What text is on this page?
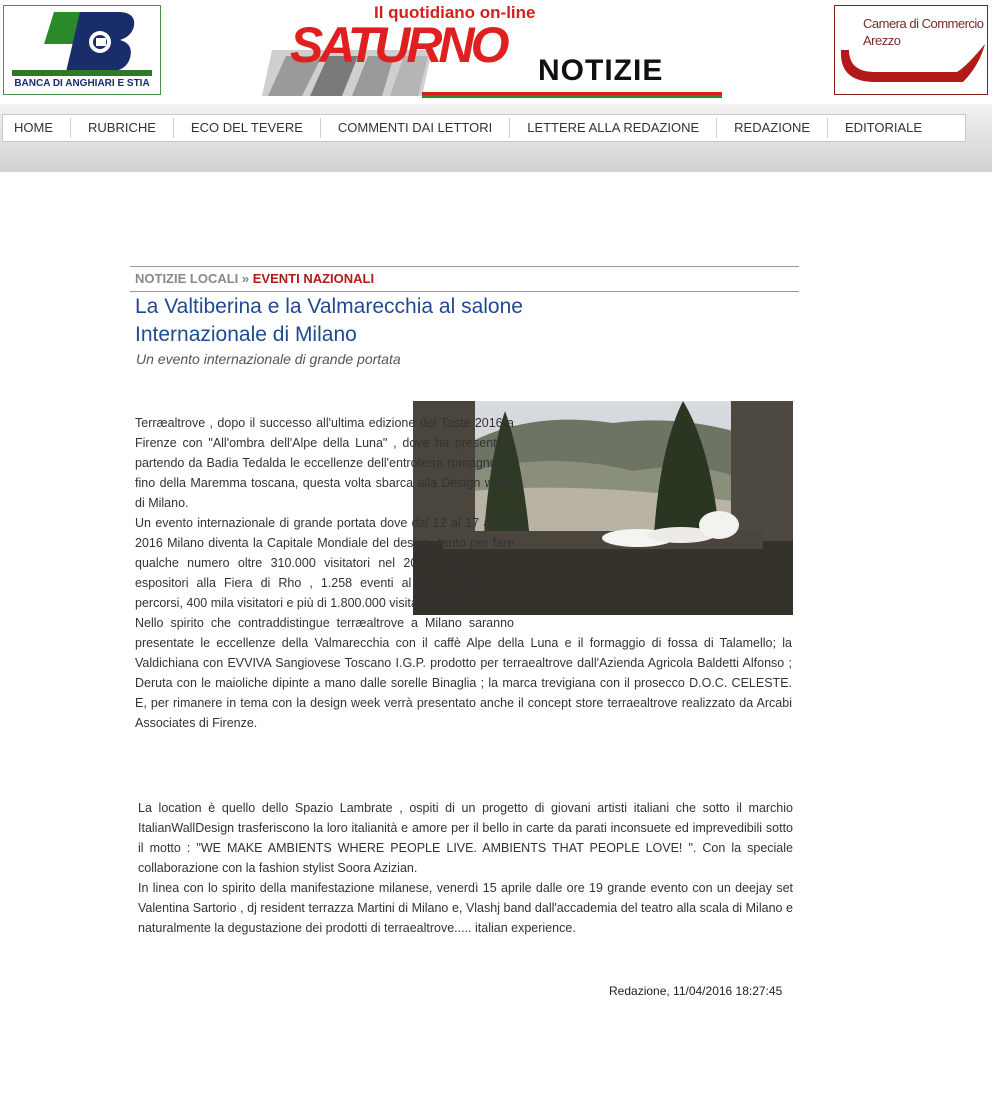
BANCA DI ANGHIARI E STIA
Il quotidiano on-line
SATURNO NOTIZIE
Camera di Commercio
Arezzo
HOME	RUBRICHE	ECO DEL TEVERE	COMMENTI DAI LETTORI	LETTERE ALLA REDAZIONE	REDAZIONE	EDITORIALE
NOTIZIE LOCALI » EVENTI NAZIONALI
La Valtiberina e la Valmarecchia al salone Internazionale di Milano
Un evento internazionale di grande portata

Terræaltrove , dopo il successo all'ultima edizione del Taste 2016 a Firenze con "All'ombra dell'Alpe della Luna" , dove ha presentato partendo da Badia Tedalda le eccellenze dell'entroterra romagnolo , fino della Maremma toscana, questa volta sbarca alla Design week di Milano.

Un evento internazionale di grande portata dove dal 12 al 17 aprile 2016 Milano diventa la Capitale Mondiale del design, tanto per fare qualche numero oltre 310.000 visitatori nel 2015, più di 1200 espositori alla Fiera di Rho , 1.258 eventi al fuori salone, 15 percorsi, 400 mila visitatori e più di 1.800.000 visitatori on line.

Nello spirito che contraddistingue terræaltrove a Milano saranno presentate le eccellenze della Valmarecchia con il caffè Alpe della Luna e il formaggio di fossa di Talamello; la Valdichiana con EVVIVA Sangiovese Toscano I.G.P. prodotto per terraealtrove dall'Azienda Agricola Baldetti Alfonso ; Deruta con le maioliche dipinte a mano dalle sorelle Binaglia ; la marca trevigiana con il prosecco D.O.C. CELESTE. E, per rimanere in tema con la design week verrà presentato anche il concept store terraealtrove realizzato da Arcabi Associates di Firenze.

La location è quello dello Spazio Lambrate , ospiti di un progetto di giovani artisti italiani che sotto il marchio ItalianWallDesign trasferiscono la loro italianità e amore per il bello in carte da parati inconsuete ed imprevedibili sotto il motto : "WE MAKE AMBIENTS WHERE PEOPLE LIVE. AMBIENTS THAT PEOPLE LOVE! ". Con la speciale collaborazione con la fashion stylist Soora Azizian.

In linea con lo spirito della manifestazione milanese, venerdì 15 aprile dalle ore 19 grande evento con un deejay set Valentina Sartorio , dj resident terrazza Martini di Milano e, Vlashj band dall'accademia del teatro alla scala di Milano e naturalmente la degustazione dei prodotti di terraealtrove..... italian experience.

Redazione, 11/04/2016 18:27:45
